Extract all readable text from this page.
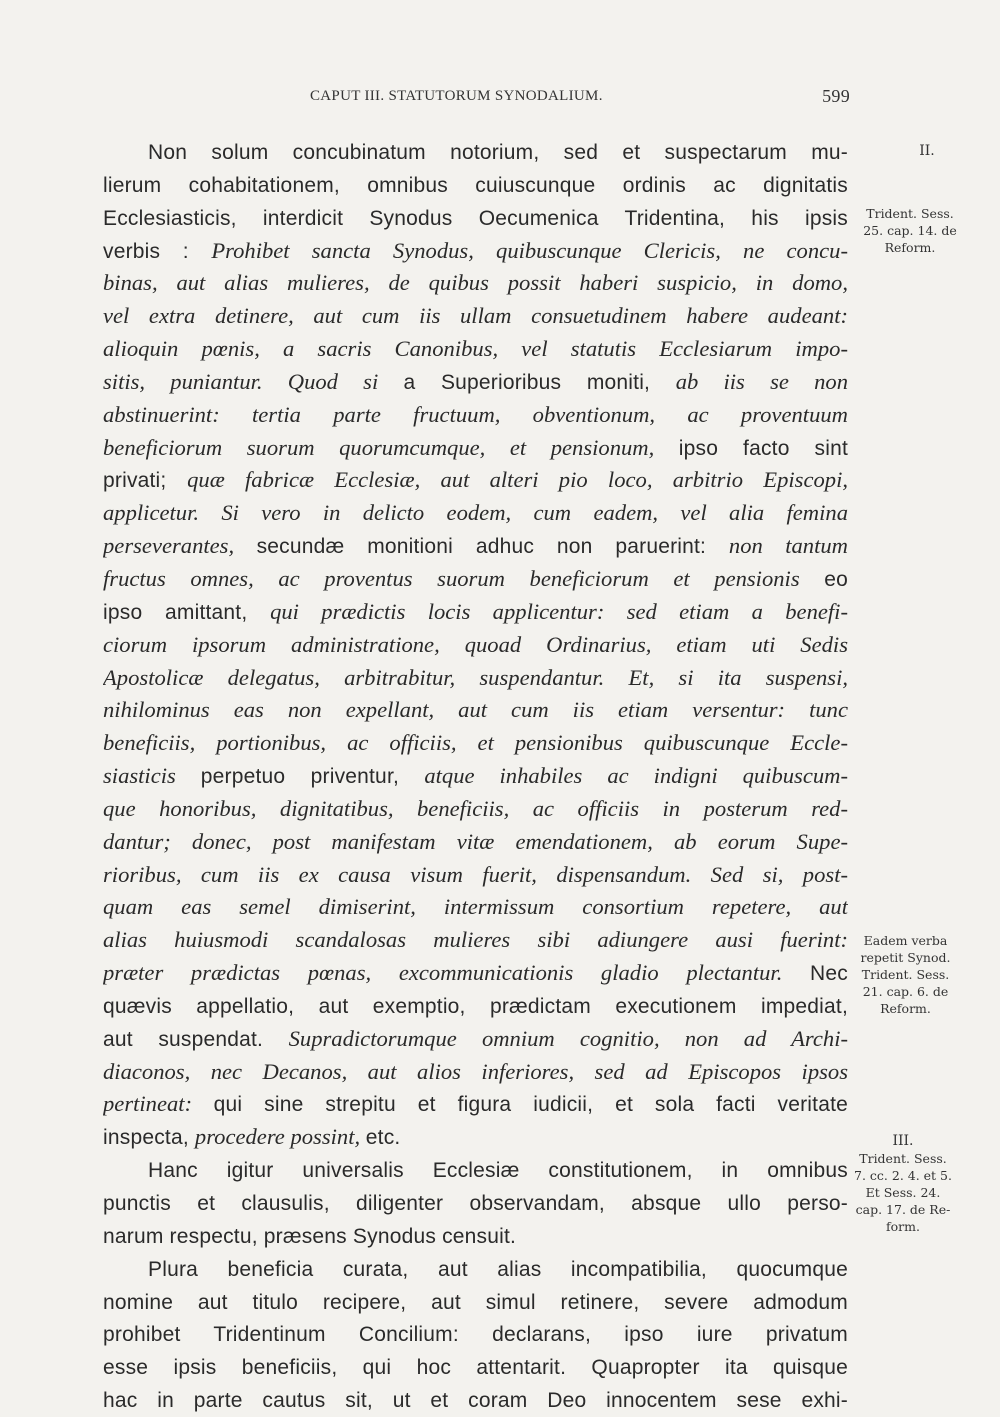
CAPUT III. STATUTORUM SYNODALIUM.	599
Non solum concubinatum notorium, sed et suspectarum mu-
lierum cohabitationem, omnibus cuiuscunque ordinis ac dignitatis
Ecclesiasticis, interdicit Synodus Oecumenica Tridentina, his ipsis
verbis : Prohibet sancta Synodus, quibuscunque Clericis, ne concu-
binas, aut alias mulieres, de quibus possit haberi suspicio, in domo,
vel extra detinere, aut cum iis ullam consuetudinem habere audeant:
alioquin pœnis, a sacris Canonibus, vel statutis Ecclesiarum impo-
sitis, puniantur. Quod si a Superioribus moniti, ab iis se non
abstinuerint: tertia parte fructuum, obventionum, ac proventuum
beneficiorum suorum quorumcumque, et pensionum, ipso facto sint
privati; quæ fabricæ Ecclesiæ, aut alteri pio loco, arbitrio Episcopi,
applicetur. Si vero in delicto eodem, cum eadem, vel alia femina
perseverantes, secundæ monitioni adhuc non paruerint: non tantum
fructus omnes, ac proventus suorum beneficiorum et pensionis eo
ipso amittant, qui prædictis locis applicentur: sed etiam a benefi-
ciorum ipsorum administratione, quoad Ordinarius, etiam uti Sedis
Apostolicæ delegatus, arbitrabitur, suspendantur. Et, si ita suspensi,
nihilominus eas non expellant, aut cum iis etiam versentur: tunc
beneficiis, portionibus, ac officiis, et pensionibus quibuscunque Eccle-
siasticis perpetuo priventur, atque inhabiles ac indigni quibuscum-
que honoribus, dignitatibus, beneficiis, ac officiis in posterum red-
dantur; donec, post manifestam vitæ emendationem, ab eorum Supe-
rioribus, cum iis ex causa visum fuerit, dispensandum. Sed si, post-
quam eas semel dimiserint, intermissum consortium repetere, aut
alias huiusmodi scandalosas mulieres sibi adiungere ausi fuerint:
præter prædictas pœnas, excommunicationis gladio plectantur. Nec
quævis appellatio, aut exemptio, prædictam executionem impediat,
aut suspendat. Supradictorumque omnium cognitio, non ad Archi-
diaconos, nec Decanos, aut alios inferiores, sed ad Episcopos ipsos
pertineat: qui sine strepitu et figura iudicii, et sola facti veritate
inspecta, procedere possint, etc.
Hanc igitur universalis Ecclesiæ constitutionem, in omnibus
punctis et clausulis, diligenter observandam, absque ullo perso-
narum respectu, præsens Synodus censuit.
Plura beneficia curata, aut alias incompatibilia, quocumque
nomine aut titulo recipere, aut simul retinere, severe admodum
prohibet Tridentinum Concilium: declarans, ipso iure privatum
esse ipsis beneficiis, qui hoc attentarit. Quapropter ita quisque
hac in parte cautus sit, ut et coram Deo innocentem sese exhi-
II.
Trident. Sess.
25. cap. 14. de
Reform.
Eadem verba
repetit Synod.
Trident. Sess.
21. cap. 6. de
Reform.
III.
Trident. Sess.
7. cc. 2. 4. et 5.
Et Sess. 24.
cap. 17. de Re-
form.
